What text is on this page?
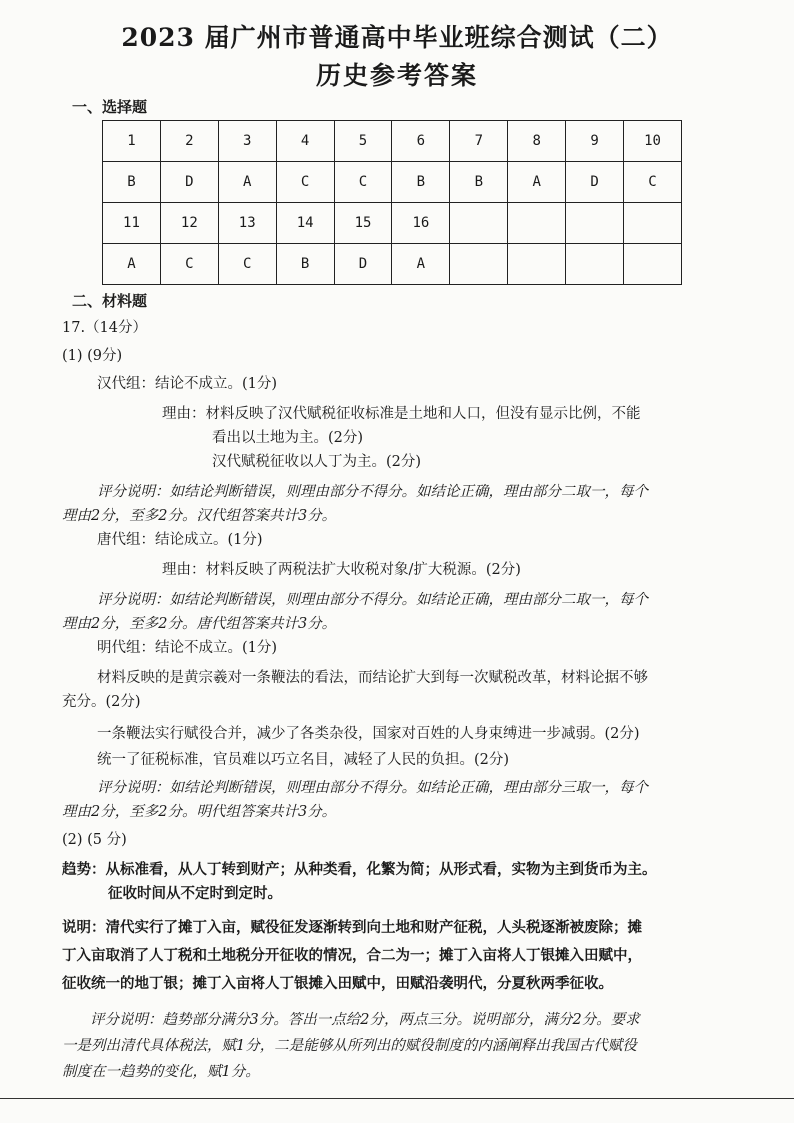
2023 届广州市普通高中毕业班综合测试（二）
历史参考答案
一、选择题
1	2	3	4	5	6	7	8	9	10
B	D	A	C	C	B	B	A	D	C
11	12	13	14	15	16				
A	C	C	B	D	A				
二、材料题
17.（14分）
(1) (9分)
汉代组：结论不成立。(1分)
理由：材料反映了汉代赋税征收标准是土地和人口，但没有显示比例，不能
看出以土地为主。(2分)
汉代赋税征收以人丁为主。(2分)
评分说明：如结论判断错误，则理由部分不得分。如结论正确，理由部分二取一，每个
理由2分，至多2分。汉代组答案共计3分。
唐代组：结论成立。(1分)
理由：材料反映了两税法扩大收税对象/扩大税源。(2分)
评分说明：如结论判断错误，则理由部分不得分。如结论正确，理由部分二取一，每个
理由2分，至多2分。唐代组答案共计3分。
明代组：结论不成立。(1分)
材料反映的是黄宗羲对一条鞭法的看法，而结论扩大到每一次赋税改革，材料论据不够
充分。(2分)
一条鞭法实行赋役合并，减少了各类杂役，国家对百姓的人身束缚进一步减弱。(2分)
统一了征税标准，官员难以巧立名目，减轻了人民的负担。(2分)
评分说明：如结论判断错误，则理由部分不得分。如结论正确，理由部分三取一，每个
理由2分，至多2分。明代组答案共计3分。
(2) (5 分)
趋势：从标准看，从人丁转到财产；从种类看，化繁为简；从形式看，实物为主到货币为主。
征收时间从不定时到定时。
说明：清代实行了摊丁入亩，赋役征发逐渐转到向土地和财产征税，人头税逐渐被废除；摊
丁入亩取消了人丁税和土地税分开征收的情况，合二为一；摊丁入亩将人丁银摊入田赋中，
征收统一的地丁银；摊丁入亩将人丁银摊入田赋中，田赋沿袭明代，分夏秋两季征收。
评分说明：趋势部分满分3分。答出一点给2分，两点三分。说明部分，满分2分。要求
一是列出清代具体税法，赋1分，二是能够从所列出的赋役制度的内涵阐释出我国古代赋役
制度在一趋势的变化，赋1分。
